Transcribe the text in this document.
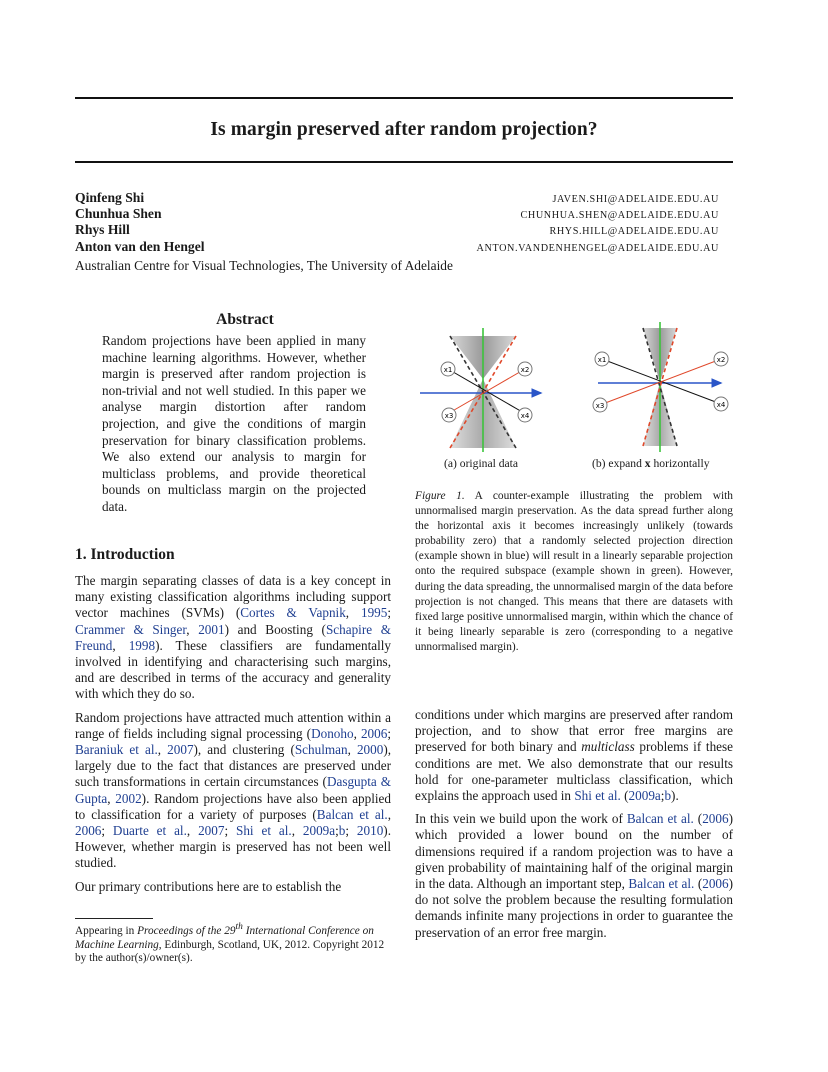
Is margin preserved after random projection?
Qinfeng Shi	JAVEN.SHI@ADELAIDE.EDU.AU
Chunhua Shen	CHUNHUA.SHEN@ADELAIDE.EDU.AU
Rhys Hill	RHYS.HILL@ADELAIDE.EDU.AU
Anton van den Hengel	ANTON.VANDENHENGEL@ADELAIDE.EDU.AU
Australian Centre for Visual Technologies, The University of Adelaide
Abstract
Random projections have been applied in many machine learning algorithms. However, whether margin is preserved after random projection is non-trivial and not well studied. In this paper we analyse margin distortion after random projection, and give the conditions of margin preservation for binary classification problems. We also extend our analysis to margin for multiclass problems, and provide theoretical bounds on multiclass margin on the projected data.
1. Introduction

The margin separating classes of data is a key concept in many existing classification algorithms including support vector machines (SVMs) (Cortes & Vapnik, 1995; Crammer & Singer, 2001) and Boosting (Schapire & Freund, 1998). These classifiers are fundamentally involved in identifying and characterising such margins, and are described in terms of the accuracy and generality with which they do so.

Random projections have attracted much attention within a range of fields including signal processing (Donoho, 2006; Baraniuk et al., 2007), and clustering (Schulman, 2000), largely due to the fact that distances are preserved under such transformations in certain circumstances (Dasgupta & Gupta, 2002). Random projections have also been applied to classification for a variety of purposes (Balcan et al., 2006; Duarte et al., 2007; Shi et al., 2009a;b; 2010). However, whether margin is preserved has not been well studied.

Our primary contributions here are to establish the

Appearing in Proceedings of the 29th International Conference on Machine Learning, Edinburgh, Scotland, UK, 2012. Copyright 2012 by the author(s)/owner(s).
x1	x2
x3	x4
x1	x2
x3	x4
(a) original data	(b) expand x horizontally
Figure 1. A counter-example illustrating the problem with unnormalised margin preservation. As the data spread further along the horizontal axis it becomes increasingly unlikely (towards probability zero) that a randomly selected projection direction (example shown in blue) will result in a linearly separable projection onto the required subspace (example shown in green). However, during the data spreading, the unnormalised margin of the data before projection is not changed. This means that there are datasets with fixed large positive unnormalised margin, within which the chance of it being linearly separable is zero (corresponding to a negative unnormalised margin).

conditions under which margins are preserved after random projection, and to show that error free margins are preserved for both binary and multiclass problems if these conditions are met. We also demonstrate that our results hold for one-parameter multiclass classification, which explains the approach used in Shi et al. (2009a;b).

In this vein we build upon the work of Balcan et al. (2006) which provided a lower bound on the number of dimensions required if a random projection was to have a given probability of maintaining half of the original margin in the data. Although an important step, Balcan et al. (2006) do not solve the problem because the resulting formulation demands infinite many projections in order to guarantee the preservation of an error free margin.
